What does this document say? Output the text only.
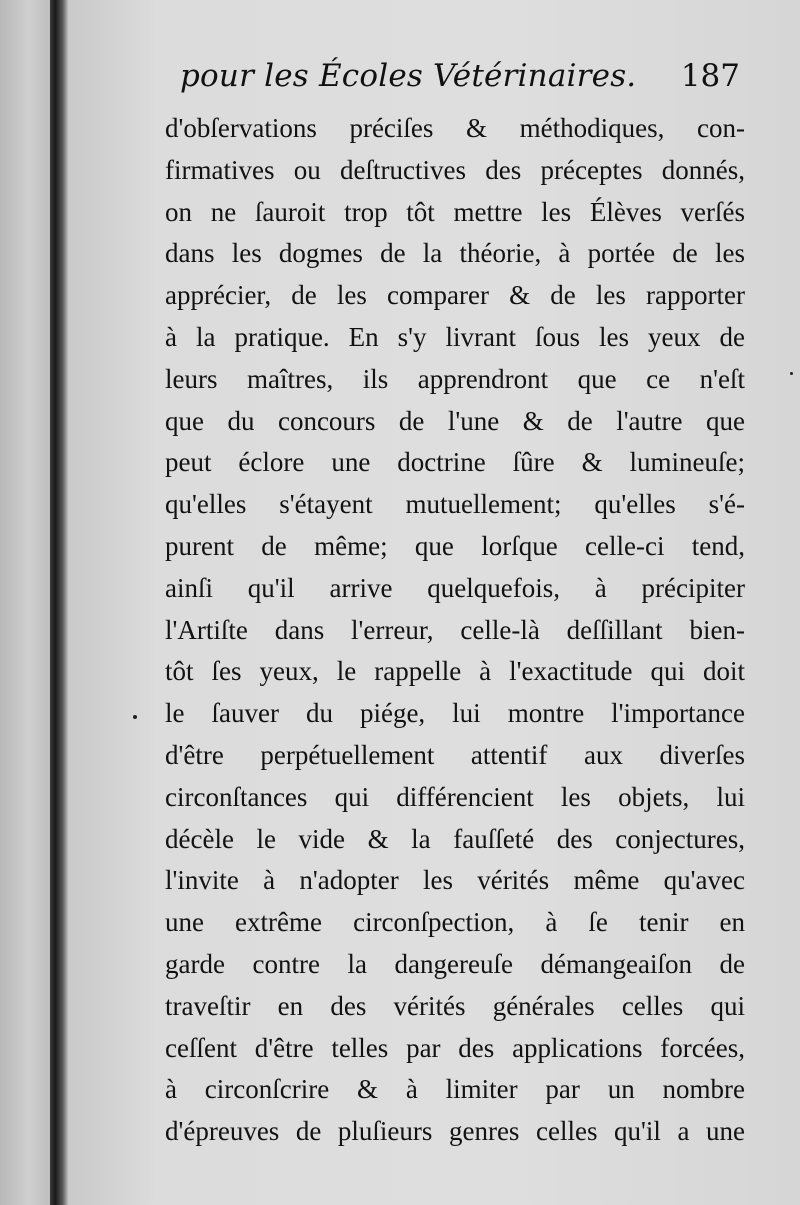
pour les Écoles Vétérinaires. 187
d'obſervations préciſes & méthodiques, con-
firmatives ou deſtructives des préceptes donnés,
on ne ſauroit trop tôt mettre les Élèves verſés
dans les dogmes de la théorie, à portée de les
apprécier, de les comparer & de les rapporter
à la pratique. En s'y livrant ſous les yeux de
leurs maîtres, ils apprendront que ce n'eſt
que du concours de l'une & de l'autre que
peut éclore une doctrine ſûre & lumineuſe;
qu'elles s'étayent mutuellement; qu'elles s'é-
purent de même; que lorſque celle-ci tend,
ainſi qu'il arrive quelquefois, à précipiter
l'Artiſte dans l'erreur, celle-là deſſillant bien-
tôt ſes yeux, le rappelle à l'exactitude qui doit
le ſauver du piége, lui montre l'importance
d'être perpétuellement attentif aux diverſes
circonſtances qui différencient les objets, lui
décèle le vide & la fauſſeté des conjectures,
l'invite à n'adopter les vérités même qu'avec
une extrême circonſpection, à ſe tenir en
garde contre la dangereuſe démangeaiſon de
traveſtir en des vérités générales celles qui
ceſſent d'être telles par des applications forcées,
à circonſcrire & à limiter par un nombre
d'épreuves de pluſieurs genres celles qu'il a une
